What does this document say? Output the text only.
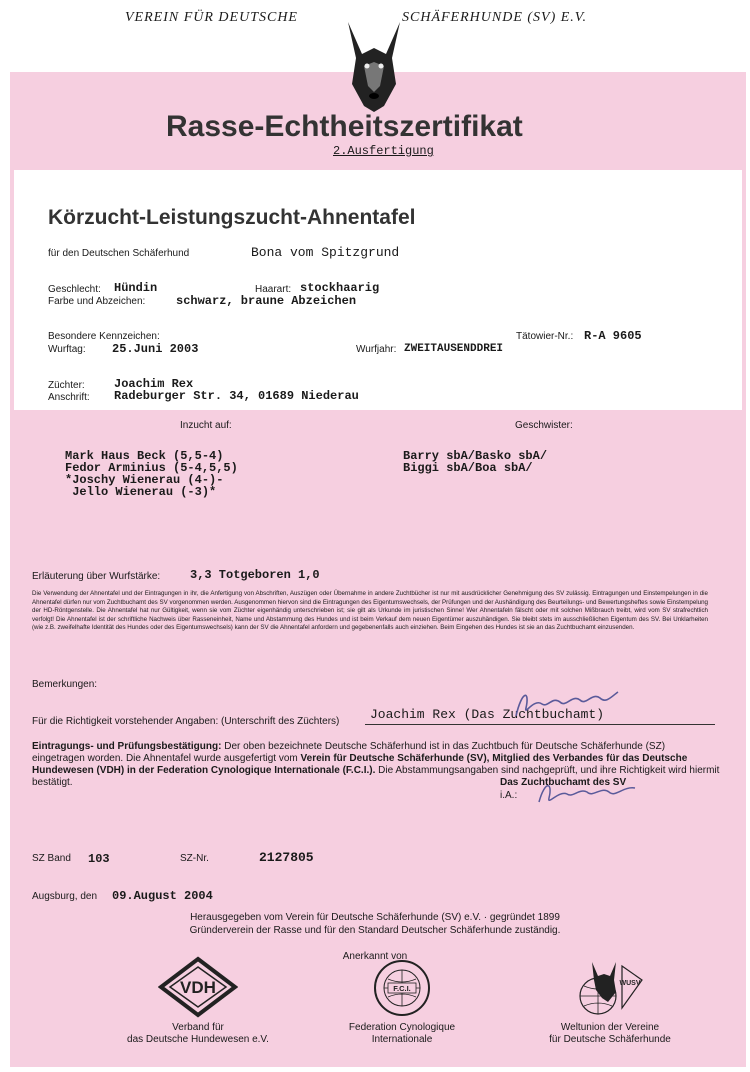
VEREIN FÜR DEUTSCHE	SCHÄFERHUNDE (SV) E.V.
Rasse-Echtheitszertifikat
2.Ausfertigung
Körzucht-Leistungszucht-Ahnentafel
für den Deutschen Schäferhund	Bona vom Spitzgrund
Geschlecht: Hündin	Haarart: stockhaarig
Farbe und Abzeichen:	schwarz, braune Abzeichen
Besondere Kennzeichen:	Tätowier-Nr.: R-A 9605
Wurftag: 25.Juni 2003	Wurfjahr: ZWEITAUSENDDREI
Züchter: Joachim Rex
Anschrift: Radeburger Str. 34, 01689 Niederau
Inzucht auf:	Geschwister:
Mark Haus Beck (5,5-4)
Fedor Arminius (5-4,5,5)
*Joschy Wienerau (4-)-
Jello Wienerau (-3)*
Barry sbA/Basko sbA/
Biggi sbA/Boa sbA/
Erläuterung über Wurfstärke: 3,3 Totgeboren 1,0
Die Verwendung der Ahnentafel und der Eintragungen in ihr, die Anfertigung von Abschriften, Auszügen oder Übernahme in andere Zuchtbücher ist nur mit ausdrücklicher Genehmigung des SV zulässig. Eintragungen und Einstempelungen in die Ahnentafel dürfen nur vom Zuchtbuchamt des SV vorgenommen werden. Ausgenommen hiervon sind die Eintragungen des Eigentumswechsels, der Prüfungen und der Aushändigung des Beurteilungs- und Bewertungsheftes sowie Einstempelung der HD-Röntgenstelle. Die Ahnentafel hat nur Gültigkeit, wenn sie vom Züchter eigenhändig unterschrieben ist; sie gilt als Urkunde im juristischen Sinne! Wer Ahnentafeln fälscht oder mit solchen Mißbrauch treibt, wird vom SV strafrechtlich verfolgt! Die Ahnentafel ist der schriftliche Nachweis über Rasseneinheit, Name und Abstammung des Hundes und ist beim Verkauf dem neuen Eigentümer auszuhändigen. Sie bleibt stets im ausschließlichen Eigentum des SV. Bei Unklarheiten (wie z.B. zweifelhafte Identität des Hundes oder des Eigentumswechsels) kann der SV die Ahnentafel anfordern und gegebenenfalls auch einziehen. Beim Eingehen des Hundes ist sie an das Zuchtbuchamt einzusenden.
Bemerkungen:
Für die Richtigkeit vorstehender Angaben: (Unterschrift des Züchters) Joachim Rex (Das Zuchtbuchamt)
Eintragungs- und Prüfungsbestätigung: Der oben bezeichnete Deutsche Schäferhund ist in das Zuchtbuch für Deutsche Schäferhunde (SZ) eingetragen worden. Die Ahnentafel wurde ausgefertigt vom Verein für Deutsche Schäferhunde (SV), Mitglied des Verbandes für das Deutsche Hundewesen (VDH) in der Federation Cynologique Internationale (F.C.I.). Die Abstammungsangaben sind nachgeprüft, und ihre Richtigkeit wird hiermit bestätigt.	Das Zuchtbuchamt des SV
i.A.:
SZ Band 103	SZ-Nr.	2127805
Augsburg, den 09.August 2004
Herausgegeben vom Verein für Deutsche Schäferhunde (SV) e.V. · gegründet 1899
Gründerverein der Rasse und für den Standard Deutscher Schäferhunde zuständig.
Anerkannt von
VDH
Verband für
das Deutsche Hundewesen e.V.
F.C.I.
Federation Cynologique
Internationale
WUSV
Weltunion der Vereine
für Deutsche Schäferhunde
